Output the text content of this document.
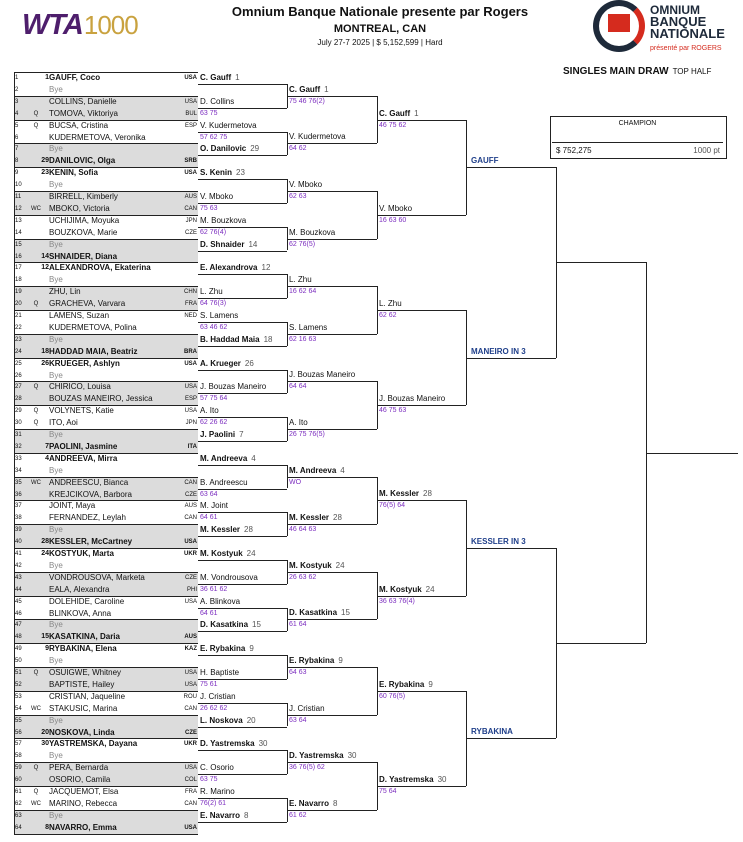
WTA1000	Omnium Banque Nationale presente par Rogers
MONTREAL, CAN
July 27-7 2025 | $ 5,152,599 | Hard
OMNIUM
BANQUE
NATIONALE
présenté par ROGERS
SINGLES MAIN DRAW TOP HALF
CHAMPION
$ 752,275	1000 pt
1	1 GAUFF, Coco	USA
2	Bye
3	COLLINS, Danielle	USA
4	Q	TOMOVA, Viktoriya	BUL
5	Q	BUCSA, Cristina	ESP
6	KUDERMETOVA, Veronika
7	Bye
8	29 DANILOVIC, Olga	SRB
9	23 KENIN, Sofia	USA
10	Bye
11	BIRRELL, Kimberly	AUS
12	WC	MBOKO, Victoria	CAN
13	UCHIJIMA, Moyuka	JPN
14	BOUZKOVA, Marie	CZE
15	Bye
16	14 SHNAIDER, Diana
17	12 ALEXANDROVA, Ekaterina
18	Bye
19	ZHU, Lin	CHN
20	Q	GRACHEVA, Varvara	FRA
21	LAMENS, Suzan	NED
22	KUDERMETOVA, Polina
23	Bye
24	18 HADDAD MAIA, Beatriz	BRA
25	26 KRUEGER, Ashlyn	USA
26	Bye
27	Q	CHIRICO, Louisa	USA
28	BOUZAS MANEIRO, Jessica	ESP
29	Q	VOLYNETS, Katie	USA
30	Q	ITO, Aoi	JPN
31	Bye
32	7 PAOLINI, Jasmine	ITA
33	4 ANDREEVA, Mirra
34	Bye
35	WC	ANDREESCU, Bianca	CAN
36	KREJCIKOVA, Barbora	CZE
37	JOINT, Maya	AUS
38	FERNANDEZ, Leylah	CAN
39	Bye
40	28 KESSLER, McCartney	USA
41	24 KOSTYUK, Marta	UKR
42	Bye
43	VONDROUSOVA, Marketa	CZE
44	EALA, Alexandra	PHI
45	DOLEHIDE, Caroline	USA
46	BLINKOVA, Anna
47	Bye
48	15 KASATKINA, Daria	AUS
49	9 RYBAKINA, Elena	KAZ
50	Bye
51	Q	OSUIGWE, Whitney	USA
52	BAPTISTE, Hailey	USA
53	CRISTIAN, Jaqueline	ROU
54	WC	STAKUSIC, Marina	CAN
55	Bye
56	20 NOSKOVA, Linda	CZE
57	30 YASTREMSKA, Dayana	UKR
58	Bye
59	Q	PERA, Bernarda	USA
60	OSORIO, Camila	COL
61	Q	JACQUEMOT, Elsa	FRA
62	WC	MARINO, Rebecca	CAN
63	Bye
64	8 NAVARRO, Emma	USA
C. Gauff 1
D. Collins
63 75
V. Kudermetova
57 62 75
O. Danilovic 29
S. Kenin 23
V. Mboko
75 63
M. Bouzkova
62 76(4)
D. Shnaider 14
E. Alexandrova 12
L. Zhu
64 76(3)
S. Lamens
63 46 62
B. Haddad Maia 18
A. Krueger 26
J. Bouzas Maneiro
57 75 64
A. Ito
62 26 62
J. Paolini 7
M. Andreeva 4
B. Andreescu
63 64
M. Joint
64 61
M. Kessler 28
M. Kostyuk 24
M. Vondrousova
36 61 62
A. Blinkova
64 61
D. Kasatkina 15
E. Rybakina 9
H. Baptiste
75 61
J. Cristian
26 62 62
L. Noskova 20
D. Yastremska 30
C. Osorio
63 75
R. Marino
76(2) 61
E. Navarro 8
C. Gauff 1
75 46 76(2)
V. Kudermetova
64 62
V. Mboko
62 63
M. Bouzkova
62 76(5)
L. Zhu
16 62 64
S. Lamens
62 16 63
J. Bouzas Maneiro
64 64
A. Ito
26 75 76(5)
M. Andreeva 4
WO
M. Kessler 28
46 64 63
M. Kostyuk 24
26 63 62
D. Kasatkina 15
61 64
E. Rybakina 9
64 63
J. Cristian
63 64
D. Yastremska 30
36 76(5) 62
E. Navarro 8
61 62
C. Gauff 1
46 75 62
V. Mboko
16 63 60
L. Zhu
62 62
J. Bouzas Maneiro
46 75 63
M. Kessler 28
76(5) 64
M. Kostyuk 24
36 63 76(4)
E. Rybakina 9
60 76(5)
D. Yastremska 30
75 64
GAUFF
MANEIRO IN 3
KESSLER IN 3
RYBAKINA
